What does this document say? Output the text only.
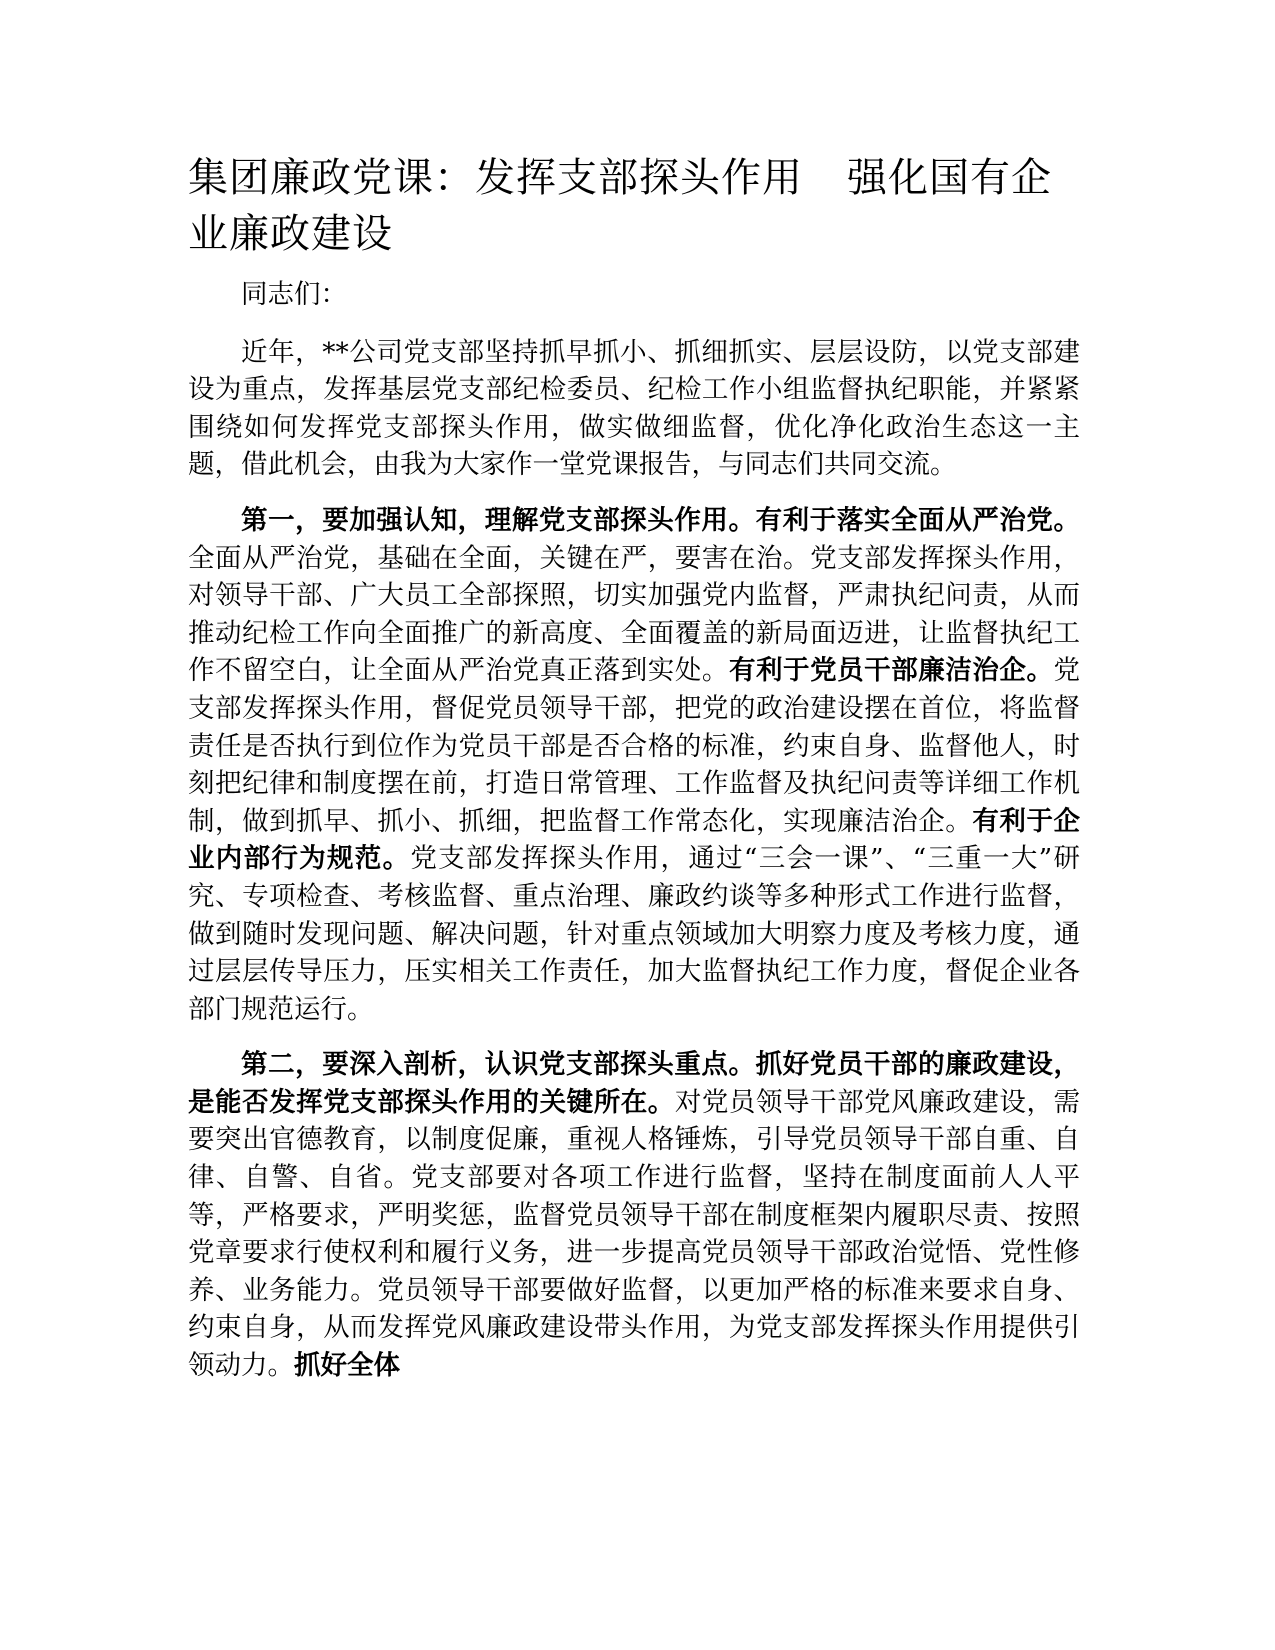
集团廉政党课：发挥支部探头作用 强化国有企业廉政建设

同志们：

近年，**公司党支部坚持抓早抓小、抓细抓实、层层设防，以党支部建设为重点，发挥基层党支部纪检委员、纪检工作小组监督执纪职能，并紧紧围绕如何发挥党支部探头作用，做实做细监督，优化净化政治生态这一主题，借此机会，由我为大家作一堂党课报告，与同志们共同交流。

第一，要加强认知，理解党支部探头作用。有利于落实全面从严治党。全面从严治党，基础在全面，关键在严，要害在治。党支部发挥探头作用，对领导干部、广大员工全部探照，切实加强党内监督，严肃执纪问责，从而推动纪检工作向全面推广的新高度、全面覆盖的新局面迈进，让监督执纪工作不留空白，让全面从严治党真正落到实处。有利于党员干部廉洁治企。党支部发挥探头作用，督促党员领导干部，把党的政治建设摆在首位，将监督责任是否执行到位作为党员干部是否合格的标准，约束自身、监督他人，时刻把纪律和制度摆在前，打造日常管理、工作监督及执纪问责等详细工作机制，做到抓早、抓小、抓细，把监督工作常态化，实现廉洁治企。有利于企业内部行为规范。党支部发挥探头作用，通过“三会一课”、“三重一大”研究、专项检查、考核监督、重点治理、廉政约谈等多种形式工作进行监督，做到随时发现问题、解决问题，针对重点领域加大明察力度及考核力度，通过层层传导压力，压实相关工作责任，加大监督执纪工作力度，督促企业各部门规范运行。

第二，要深入剖析，认识党支部探头重点。抓好党员干部的廉政建设，是能否发挥党支部探头作用的关键所在。对党员领导干部党风廉政建设，需要突出官德教育，以制度促廉，重视人格锤炼，引导党员领导干部自重、自律、自警、自省。党支部要对各项工作进行监督，坚持在制度面前人人平等，严格要求，严明奖惩，监督党员领导干部在制度框架内履职尽责、按照党章要求行使权利和履行义务，进一步提高党员领导干部政治觉悟、党性修养、业务能力。党员领导干部要做好监督，以更加严格的标准来要求自身、约束自身，从而发挥党风廉政建设带头作用，为党支部发挥探头作用提供引领动力。抓好全体
